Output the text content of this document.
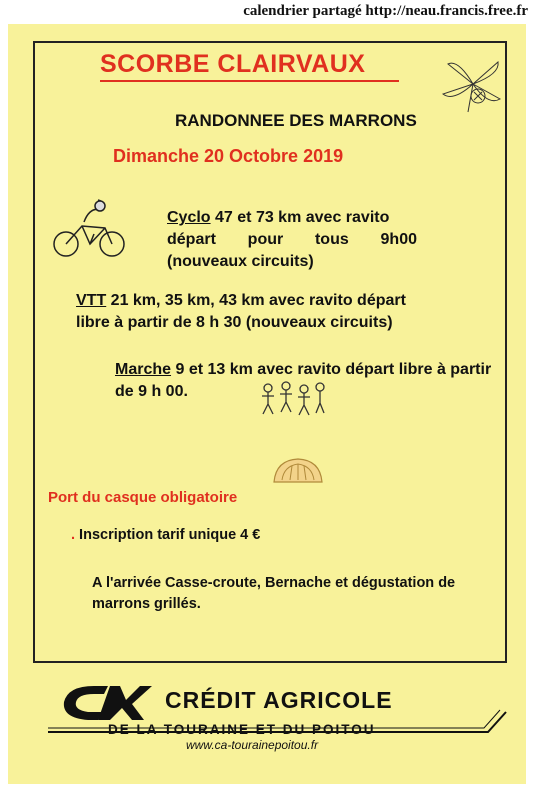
calendrier partagé http://neau.francis.free.fr
SCORBE CLAIRVAUX
RANDONNEE DES MARRONS
Dimanche 20 Octobre 2019
Cyclo 47 et 73 km avec ravito
départ pour tous 9h00
(nouveaux circuits)
VTT 21 km, 35 km, 43 km avec ravito départ libre à partir de 8 h 30 (nouveaux circuits)
Marche 9 et 13 km avec ravito départ libre à partir de 9 h 00.
Port du casque obligatoire
. Inscription tarif unique 4 €
A l'arrivée Casse-croute, Bernache et dégustation de marrons grillés.
CRÉDIT AGRICOLE
DE LA TOURAINE ET DU POITOU
www.ca-tourainepoitou.fr
